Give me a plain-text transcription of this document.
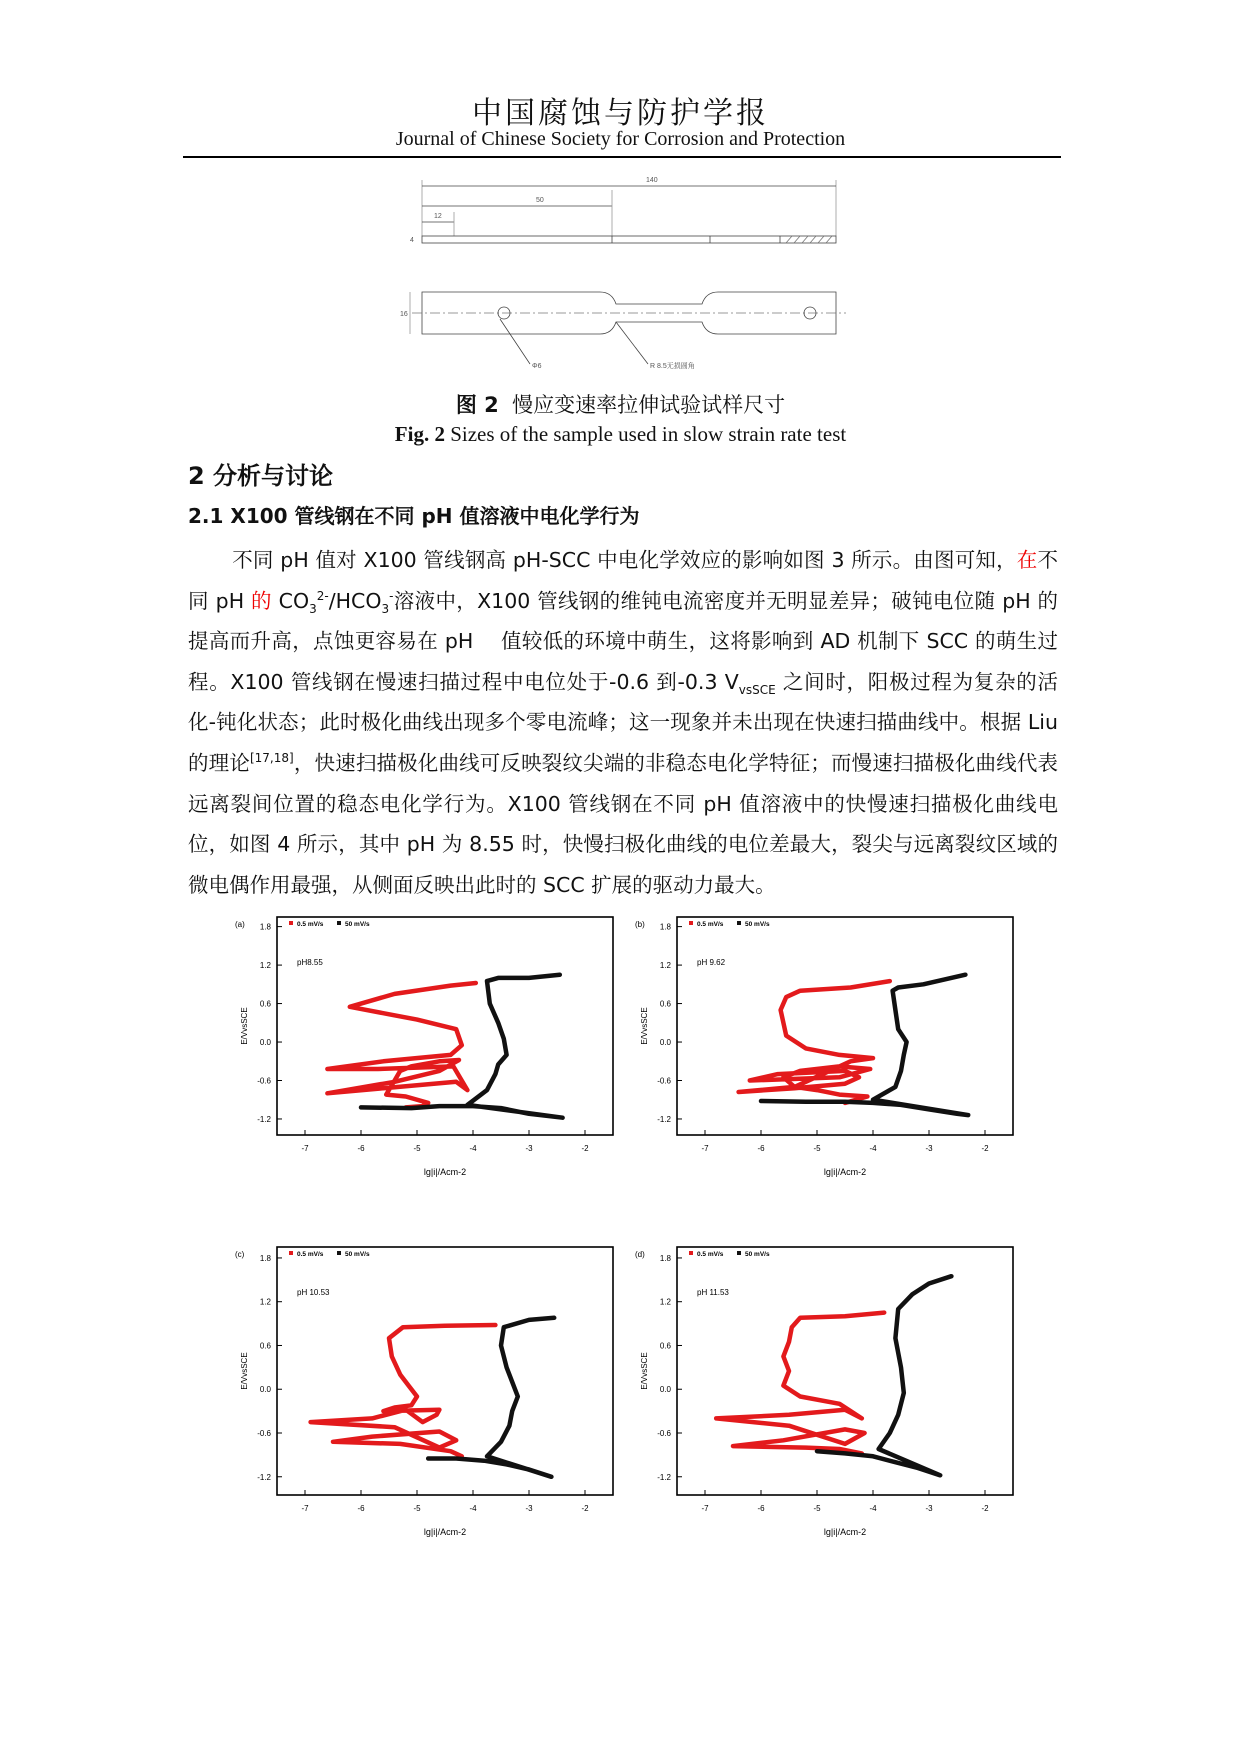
中国腐蚀与防护学报
Journal of Chinese Society for Corrosion and Protection
140
50
12
4
16
Φ6	R 8.5无损圆角
图 2 慢应变速率拉伸试验试样尺寸
Fig. 2 Sizes of the sample used in slow strain rate test
2 分析与讨论
2.1 X100 管线钢在不同 pH 值溶液中电化学行为
不同 pH 值对 X100 管线钢高 pH-SCC 中电化学效应的影响如图 3 所示。由图可知，在不同 pH 的 $CO_3^{2-}/HCO_3^-$溶液中，X100 管线钢的维钝电流密度并无明显差异；破钝电位随 pH 的提高而升高，点蚀更容易在 pH 　值较低的环境中萌生，这将影响到 AD 机制下 SCC 的萌生过程。X100 管线钢在慢速扫描过程中电位处于-0.6 到-0.3 $V_{vsSCE}$ 之间时，阳极过程为复杂的活化-钝化状态；此时极化曲线出现多个零电流峰；这一现象并未出现在快速扫描曲线中。根据 Liu 的理论[17,18]，快速扫描极化曲线可反映裂纹尖端的非稳态电化学特征；而慢速扫描极化曲线代表远离裂间位置的稳态电化学行为。X100 管线钢在不同 pH 值溶液中的快慢速扫描极化曲线电位，如图 4 所示，其中 pH 为 8.55 时，快慢扫极化曲线的电位差最大，裂尖与远离裂纹区域的微电偶作用最强，从侧面反映出此时的 SCC 扩展的驱动力最大。
(a) 1.8
1.2
0.6
0.0
-0.6
-1.2
-7	-6	-5	-4	-3	-2
lg|i|/Acm-2
E/VvsSCE
pH8.55
0.5 mV/s	50 mV/s	(b) 1.8
1.2
0.6
0.0
-0.6
-1.2
-7	-6	-5	-4	-3	-2
lg|i|/Acm-2
E/VvsSCE
pH 9.62
0.5 mV/s	50 mV/s
(c) 1.8
1.2
0.6
0.0
-0.6
-1.2
-7	-6	-5	-4	-3	-2
lg|i|/Acm-2
E/VvsSCE
pH 10.53
0.5 mV/s	50 mV/s	(d) 1.8
1.2
0.6
0.0
-0.6
-1.2
-7	-6	-5	-4	-3	-2
lg|i|/Acm-2
E/VvsSCE
pH 11.53
0.5 mV/s	50 mV/s
